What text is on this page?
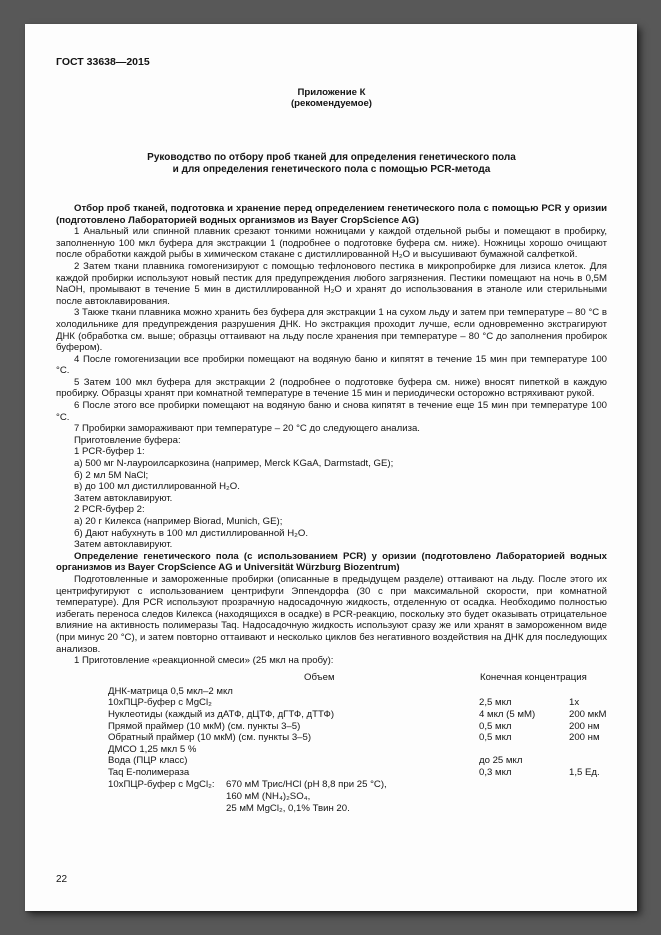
ГОСТ 33638—2015
Приложение К
(рекомендуемое)
Руководство по отбору проб тканей для определения генетического пола
и для определения генетического пола с помощью PCR-метода
Отбор проб тканей, подготовка и хранение перед определением генетического пола с помощью PCR у оризии (подготовлено Лабораторией водных организмов из Bayer CropScience AG)

1 Анальный или спинной плавник срезают тонкими ножницами у каждой отдельной рыбы и помещают в пробирку, заполненную 100 мкл буфера для экстракции 1 (подробнее о подготовке буфера см. ниже). Ножницы хорошо очищают после обработки каждой рыбы в химическом стакане с дистиллированной H₂O и высушивают бумажной салфеткой.

2 Затем ткани плавника гомогенизируют с помощью тефлонового пестика в микропробирке для лизиса клеток. Для каждой пробирки используют новый пестик для предупреждения любого загрязнения. Пестики помещают на ночь в 0,5M NaOH, промывают в течение 5 мин в дистиллированной H₂O и хранят до использования в этаноле или стерильными после автоклавирования.

3 Также ткани плавника можно хранить без буфера для экстракции 1 на сухом льду и затем при температуре – 80 °C в холодильнике для предупреждения разрушения ДНК. Но экстракция проходит лучше, если одновременно экстрагируют ДНК (обработка см. выше; образцы оттаивают на льду после хранения при температуре – 80 °C до заполнения пробирок буфером).

4 После гомогенизации все пробирки помещают на водяную баню и кипятят в течение 15 мин при температуре 100 °C.

5 Затем 100 мкл буфера для экстракции 2 (подробнее о подготовке буфера см. ниже) вносят пипеткой в каждую пробирку. Образцы хранят при комнатной температуре в течение 15 мин и периодически осторожно встряхивают рукой.

6 После этого все пробирки помещают на водяную баню и снова кипятят в течение еще 15 мин при температуре 100 °C.

7 Пробирки замораживают при температуре – 20 °C до следующего анализа.

Приготовление буфера:
1 PCR-буфер 1:
а) 500 мг N-лауроилсаркозина (например, Merck KGaA, Darmstadt, GE);
б) 2 мл 5M NaCl;
в) до 100 мл дистиллированной H₂O.
Затем автоклавируют.
2 PCR-буфер 2:
а) 20 г Килекса (например Biorad, Munich, GE);
б) Дают набухнуть в 100 мл дистиллированной H₂O.
Затем автоклавируют.
Определение генетического пола (с использованием PCR) у оризии (подготовлено Лабораторией водных организмов из Bayer CropScience AG и Universität Würzburg Biozentrum)

Подготовленные и замороженные пробирки (описанные в предыдущем разделе) оттаивают на льду. После этого их центрифугируют с использованием центрифуги Эппендорфа (30 с при максимальной скорости, при комнатной температуре). Для PCR используют прозрачную надосадочную жидкость, отделенную от осадка. Необходимо полностью избегать переноса следов Килекса (находящихся в осадке) в PCR-реакцию, поскольку это будет оказывать отрицательное влияние на активность полимеразы Taq. Надосадочную жидкость используют сразу же или хранят в замороженном виде (при минус 20 °C), и затем повторно оттаивают и несколько циклов без негативного воздействия на ДНК для последующих анализов.

1 Приготовление «реакционной смеси» (25 мкл на пробу):
Объем	Конечная концентрация
ДНК-матрица 0,5 мкл–2 мкл
10хПЦР-буфер с MgCl₂	2,5 мкл	1х
Нуклеотиды (каждый из дАТФ, дЦТФ, дГТФ, дТТФ)	4 мкл (5 мМ)	200 мкМ
Прямой праймер (10 мкМ) (см. пункты 3–5)	0,5 мкл	200 нм
Обратный праймер (10 мкМ) (см. пункты 3–5)	0,5 мкл	200 нм
ДМСО 1,25 мкл 5 %
Вода (ПЦР класс)	до 25 мкл
Taq E-полимераза	0,3 мкл	1,5 Ед.
10хПЦР-буфер с MgCl₂:	670 мМ Трис/HCl (pH 8,8 при 25 °C),
160 мМ (NH₄)₂SO₄,
25 мМ MgCl₂, 0,1% Твин 20.
22
